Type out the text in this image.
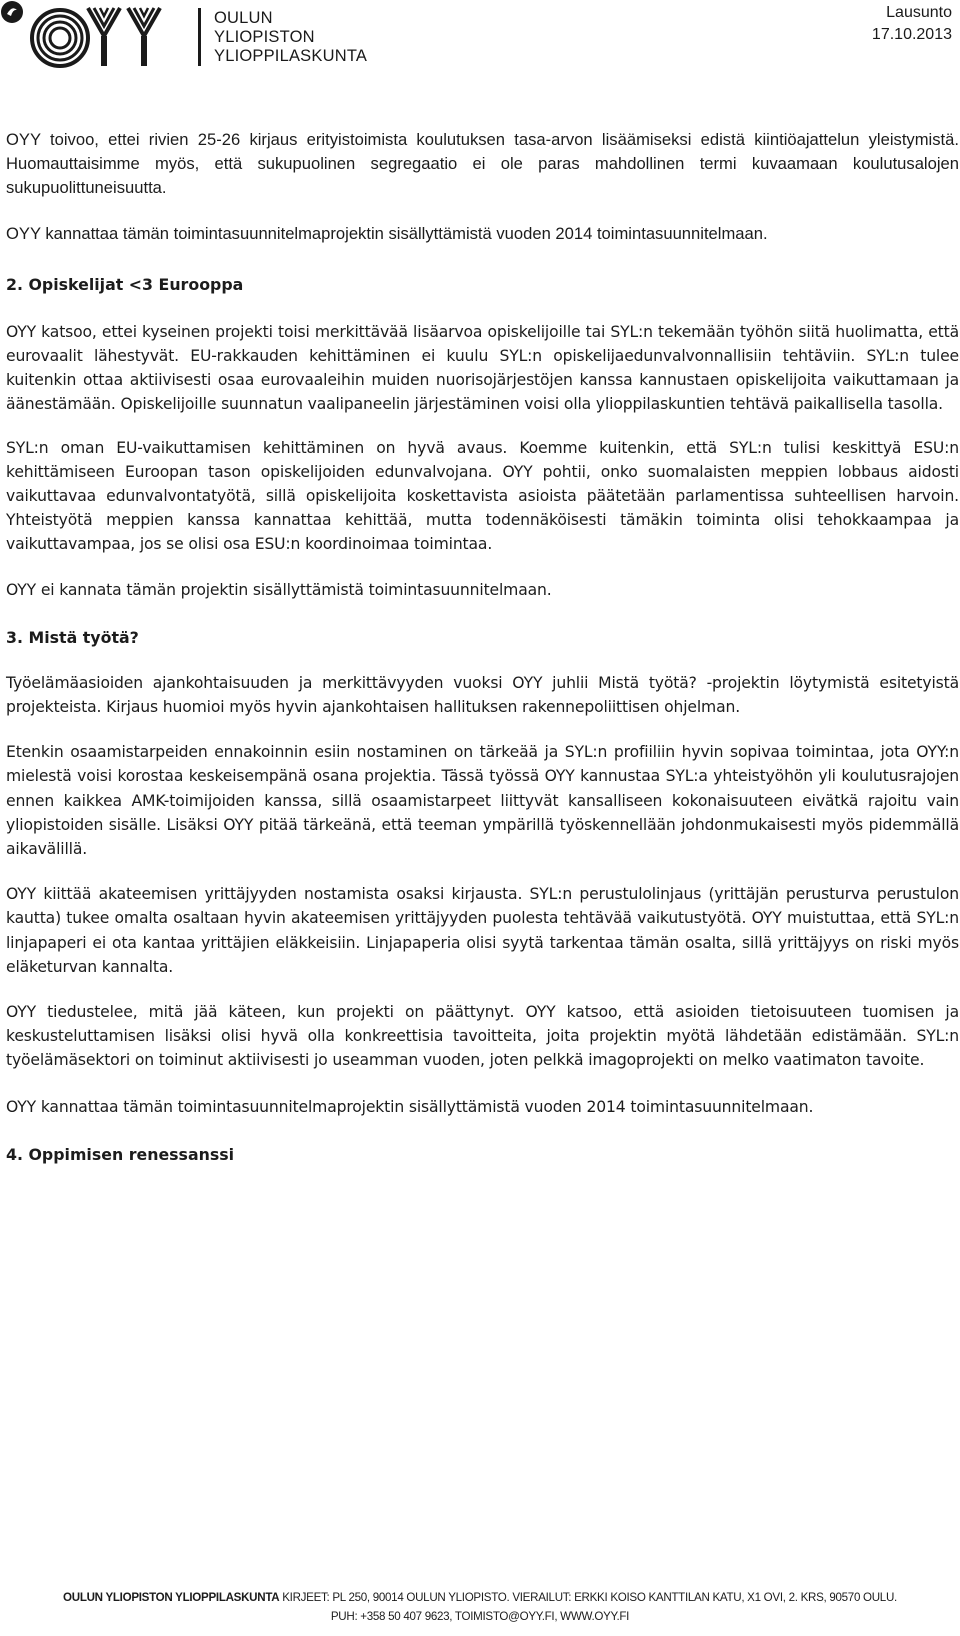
OULUN
YLIOPISTON
YLIOPPILASKUNTA
Lausunto
17.10.2013
OYY toivoo, ettei rivien 25-26 kirjaus erityistoimista koulutuksen tasa-arvon lisäämiseksi edistä kiintiöajattelun yleistymistä. Huomauttaisimme myös, että sukupuolinen segregaatio ei ole paras mahdollinen termi kuvaamaan koulutusalojen sukupuolittuneisuutta.
OYY kannattaa tämän toimintasuunnitelmaprojektin sisällyttämistä vuoden 2014 toimintasuunnitelmaan.
2. Opiskelijat <3 Eurooppa
OYY katsoo, ettei kyseinen projekti toisi merkittävää lisäarvoa opiskelijoille tai SYL:n tekemään työhön siitä huolimatta, että eurovaalit lähestyvät. EU-rakkauden kehittäminen ei kuulu SYL:n opiskelijaedunvalvonnallisiin tehtäviin. SYL:n tulee kuitenkin ottaa aktiivisesti osaa eurovaaleihin muiden nuorisojärjestöjen kanssa kannustaen opiskelijoita vaikuttamaan ja äänestämään. Opiskelijoille suunnatun vaalipaneelin järjestäminen voisi olla ylioppilaskuntien tehtävä paikallisella tasolla.
SYL:n oman EU-vaikuttamisen kehittäminen on hyvä avaus. Koemme kuitenkin, että SYL:n tulisi keskittyä ESU:n kehittämiseen Euroopan tason opiskelijoiden edunvalvojana. OYY pohtii, onko suomalaisten meppien lobbaus aidosti vaikuttavaa edunvalvontatyötä, sillä opiskelijoita koskettavista asioista päätetään parlamentissa suhteellisen harvoin. Yhteistyötä meppien kanssa kannattaa kehittää, mutta todennäköisesti tämäkin toiminta olisi tehokkaampaa ja vaikuttavampaa, jos se olisi osa ESU:n koordinoimaa toimintaa.
OYY ei kannata tämän projektin sisällyttämistä toimintasuunnitelmaan.
3. Mistä työtä?
Työelämäasioiden ajankohtaisuuden ja merkittävyyden vuoksi OYY juhlii Mistä työtä? -projektin löytymistä esitetyistä projekteista. Kirjaus huomioi myös hyvin ajankohtaisen hallituksen rakennepoliittisen ohjelman.
Etenkin osaamistarpeiden ennakoinnin esiin nostaminen on tärkeää ja SYL:n profiiliin hyvin sopivaa toimintaa, jota OYY:n mielestä voisi korostaa keskeisempänä osana projektia. Tässä työssä OYY kannustaa SYL:a yhteistyöhön yli koulutusrajojen ennen kaikkea AMK-toimijoiden kanssa, sillä osaamistarpeet liittyvät kansalliseen kokonaisuuteen eivätkä rajoitu vain yliopistoiden sisälle. Lisäksi OYY pitää tärkeänä, että teeman ympärillä työskennellään johdonmukaisesti myös pidemmällä aikavälillä.
OYY kiittää akateemisen yrittäjyyden nostamista osaksi kirjausta. SYL:n perustulolinjaus (yrittäjän perusturva perustulon kautta) tukee omalta osaltaan hyvin akateemisen yrittäjyyden puolesta tehtävää vaikutustyötä. OYY muistuttaa, että SYL:n linjapaperi ei ota kantaa yrittäjien eläkkeisiin. Linjapaperia olisi syytä tarkentaa tämän osalta, sillä yrittäjyys on riski myös eläketurvan kannalta.
OYY tiedustelee, mitä jää käteen, kun projekti on päättynyt. OYY katsoo, että asioiden tietoisuuteen tuomisen ja keskusteluttamisen lisäksi olisi hyvä olla konkreettisia tavoitteita, joita projektin myötä lähdetään edistämään. SYL:n työelämäsektori on toiminut aktiivisesti jo useamman vuoden, joten pelkkä imagoprojekti on melko vaatimaton tavoite.
OYY kannattaa tämän toimintasuunnitelmaprojektin sisällyttämistä vuoden 2014 toimintasuunnitelmaan.
4. Oppimisen renessanssi
OULUN YLIOPISTON YLIOPPILASKUNTA KIRJEET: PL 250, 90014 OULUN YLIOPISTO. VIERAILUT: ERKKI KOISO KANTTILAN KATU, X1 OVI, 2. KRS, 90570 OULU.
PUH: +358 50 407 9623, TOIMISTO@OYY.FI, WWW.OYY.FI
